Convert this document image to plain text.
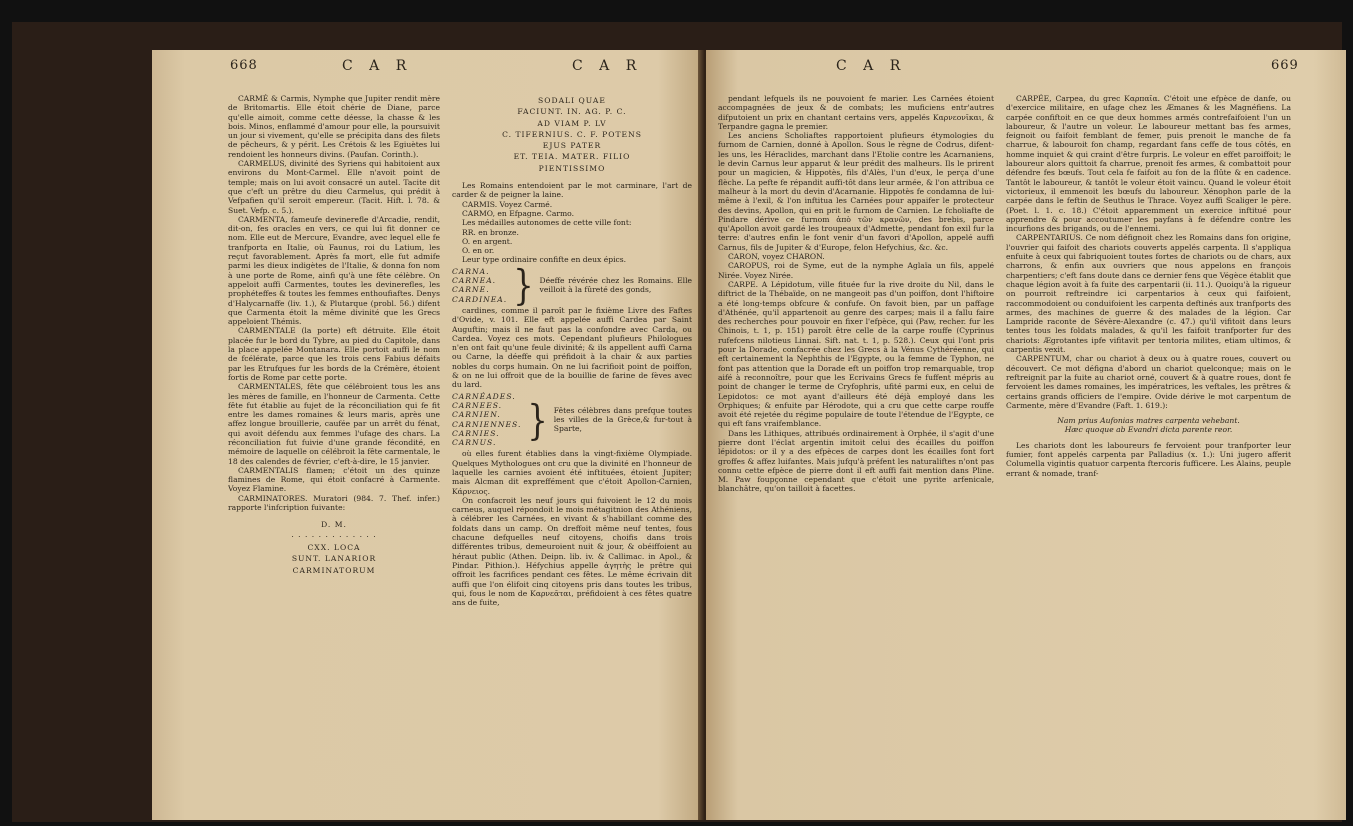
668	C A R	C A R

CARMÉ & Carmis, Nymphe que Jupiter rendit mère de Britomartis. Elle étoit chérie de Diane, parce qu'elle aimoit, comme cette déesse, la chasse & les bois. Minos, enflammé d'amour pour elle, la poursuivit un jour si vivement, qu'elle se précipita dans des filets de pêcheurs, & y périt. Les Crétois & les Egiuètes lui rendoient les honneurs divins. (Paufan. Corinth.).

CARMELUS, divinité des Syriens qui habitoient aux environs du Mont-Carmel. Elle n'avoit point de temple; mais on lui avoit consacré un autel. Tacite dit que c'eft un prêtre du dieu Carmelus, qui prédit à Vefpafien qu'il seroit empereur. (Tacit. Hift. l. 78. & Suet. Vefp. c. 5.).

CARMENTA, fameufe devinerefle d'Arcadie, rendit, dit-on, fes oracles en vers, ce qui lui fit donner ce nom. Elle eut de Mercure, Evandre, avec lequel elle fe tranfporta en Italie, où Faunus, roi du Latium, les reçut favorablement. Après fa mort, elle fut admife parmi les dieux indigètes de l'Italie, & donna fon nom à une porte de Rome, ainfi qu'à une fête célèbre. On appeloit auffi Carmentes, toutes les devinerefles, les prophéteffes & toutes les femmes enthoufiaftes. Denys d'Halycarnaffe (liv. 1.), & Plutarque (probl. 56.) difent que Carmenta étoit la même divinité que les Grecs appeloient Thémis.

CARMENTALE (la porte) eft détruite. Elle étoit placée fur le bord du Tybre, au pied du Capitole, dans la place appelée Montanara. Elle portoit auffi le nom de fcélérate, parce que les trois cens Fabius défaits par les Etrufques fur les bords de la Crémère, étoient fortis de Rome par cette porte.

CARMENTALES, fête que célébroient tous les ans les mères de famille, en l'honneur de Carmenta. Cette fête fut établie au fujet de la réconciliation qui fe fit entre les dames romaines & leurs maris, après une affez longue brouillerie, caufée par un arrêt du fénat, qui avoit défendu aux femmes l'ufage des chars. La réconciliation fut fuivie d'une grande fécondité, en mémoire de laquelle on célébroit la fête carmentale, le 18 des calendes de février, c'eft-à-dire, le 15 janvier.

CARMENTALIS flamen; c'étoit un des quinze flamines de Rome, qui étoit confacré à Carmente. Voyez Flamine.

CARMINATORES. Muratori (984. 7. Thef. infer.) rapporte l'infcription fuivante:

D. M.

· · · · · · · · · · · · ·

CXX. LOCA

SUNT. LANARIOR

CARMINATORUM

SODALI QUAE

FACIUNT. IN. AG. P. C.

AD VIAM P. LV

C. TIFERNIUS. C. F. POTENS

EJUS PATER

ET. TEIA. MATER. FILIO

PIENTISSIMO

Les Romains entendoient par le mot carminare, l'art de carder & de peigner la laine.

CARMIS. Voyez Carmé.

CARMO, en Efpagne. Carmo.

Les médailles autonomes de cette ville font:

RR. en bronze.

O. en argent.

O. en or.

Leur type ordinaire confifte en deux épics.

CARNA.
CARNEA.
CARNE.
CARDINEA. } Déeffe révérée chez les Romains. Elle veilloit à la fûreté des gonds,

cardines, comme il paroît par le fixième Livre des Faftes d'Ovide, v. 101. Elle eft appelée auffi Cardea par Saint Auguftin; mais il ne faut pas la confondre avec Carda, ou Cardea. Voyez ces mots. Cependant plufieurs Philologues n'en ont fait qu'une feule divinité; & ils appellent auffi Carna ou Carne, la déeffe qui préfidoit à la chair & aux parties nobles du corps humain. On ne lui facrifioit point de poiffon, & on ne lui offroit que de la bouillie de farine de fèves avec du lard.

CARNÉADES.
CARNEES.
CARNIEN.
CARNIENNES.
CARNIES.
CARNUS. } Fêtes célèbres dans prefque toutes les villes de la Grèce,& fur-tout à Sparte,

où elles furent établies dans la vingt-fixième Olympiade. Quelques Mythologues ont cru que la divinité en l'honneur de laquelle les carnies avoient été inftituées, étoient Jupiter; mais Alcman dit expreffément que c'étoit Apollon-Carnien, Κάρνειος.

On confacroit les neuf jours qui fuivoient le 12 du mois carneus, auquel répondoit le mois métagitnion des Athéniens, à célébrer les Carnées, en vivant & s'habillant comme des foldats dans un camp. On dreffoit même neuf tentes, fous chacune defquelles neuf citoyens, choifis dans trois différentes tribus, demeuroient nuit & jour, & obéiffoient au héraut public (Athen. Deipn. lib. iv. & Callimac. in Apol., & Pindar. Pithion.). Héfychius appelle ἀγητὴς le prêtre qui offroit les facrifices pendant ces fêtes. Le même écrivain dit auffi que l'on élifoit cinq citoyens pris dans toutes les tribus, qui, fous le nom de Καρνεᾶται, préfidoient à ces fêtes quatre ans de fuite,

C A R	669

pendant lefquels ils ne pouvoient fe marier. Les Carnées étoient accompagnées de jeux & de combats; les muficiens entr'autres difputoient un prix en chantant certains vers, appelés Καρνεονῖκαι, & Terpandre gagna le premier.

Les anciens Scholiaftes rapportoient plufieurs étymologies du furnom de Carnien, donné à Apollon. Sous le règne de Codrus, difent-les uns, les Héraclides, marchant dans l'Etolie contre les Acarnaniens, le devin Carnus leur apparut & leur prédit des malheurs. Ils le prirent pour un magicien, & Hippotès, fils d'Alès, l'un d'eux, le perça d'une flèche. La pefte fe répandit auffi-tôt dans leur armée, & l'on attribua ce malheur à la mort du devin d'Acarnanie. Hippotès fe condamna de lui-même à l'exil, & l'on inftitua les Carnées pour appaifer le protecteur des devins, Apollon, qui en prit le furnom de Carnien. Le fcholiafte de Pindare dérive ce furnom ἀπὸ τῶν κρανῶν, des brebis, parce qu'Apollon avoit gardé les troupeaux d'Admette, pendant fon exil fur la terre: d'autres enfin le font venir d'un favori d'Apollon, appelé auffi Carnus, fils de Jupiter & d'Europe, felon Hefychius, &c. &c.

CARON, voyez CHARON.

CAROPUS, roi de Syme, eut de la nymphe Aglaïa un fils, appelé Nirée. Voyez Nirée.

CARPE. A Lépidotum, ville fituée fur la rive droite du Nil, dans le diftrict de la Thébaïde, on ne mangeoit pas d'un poiffon, dont l'hiftoire a été long-temps obfcure & confufe. On favoit bien, par un paffage d'Athénée, qu'il appartenoit au genre des carpes; mais il a fallu faire des recherches pour pouvoir en fixer l'efpèce, qui (Paw, recher. fur les Chinois, t. 1, p. 151) paroît être celle de la carpe rouffe (Cyprinus rufefcens nilotieus Linnai. Sift. nat. t. 1, p. 528.). Ceux qui l'ont pris pour la Dorade, confacrée chez les Grecs à la Vénus Cythéréenne, qui eft certainement la Nephthis de l'Egypte, ou la femme de Typhon, ne font pas attention que la Dorade eft un poiffon trop remarquable, trop aifé à reconnoître, pour que les Ecrivains Grecs fe fuffent mépris au point de changer le terme de Cryfophris, ufité parmi eux, en celui de Lepidotos: ce mot ayant d'ailleurs été déjà employé dans les Orphiques; & enfuite par Hérodote, qui a cru que cette carpe rouffe avoit été rejetée du régime populaire de toute l'étendue de l'Egypte, ce qui eft fans vraifemblance.

Dans les Lithiques, attribués ordinairement à Orphée, il s'agit d'une pierre dont l'éclat argentin imitoit celui des écailles du poiffon lépidotos: or il y a des efpèces de carpes dont les écailles font fort groffes & affez luifantes. Mais jufqu'à préfent les naturaliftes n'ont pas connu cette efpèce de pierre dont il eft auffi fait mention dans Pline. M. Paw foupçonne cependant que c'étoit une pyrite arfenicale, blanchâtre, qu'on tailloit à facettes.

CARPÉE, Carpea, du grec Καρπαῖα. C'étoit une efpèce de danfe, ou d'exercice militaire, en ufage chez les Æmanes & les Magnéfiens. La carpée confiftoit en ce que deux hommes armés contrefaifoient l'un un laboureur, & l'autre un voleur. Le laboureur mettant bas fes armes, feignoit ou faifoit femblant de femer, puis prenoit le manche de fa charrue, & labouroit fon champ, regardant fans ceffe de tous côtés, en homme inquiet & qui craint d'être furpris. Le voleur en effet paroiffoit; le laboureur alors quittoit fa charrue, prenoit fes armes, & combattoit pour défendre fes bœufs. Tout cela fe faifoit au fon de la flûte & en cadence. Tantôt le laboureur, & tantôt le voleur étoit vaincu. Quand le voleur étoit victorieux, il emmenoit les bœufs du laboureur. Xénophon parle de la carpée dans le feftin de Seuthus le Thrace. Voyez auffi Scaliger le père. (Poet. l. 1. c. 18.) C'étoit apparemment un exercice inftitué pour apprendre & pour accoutumer les payfans à fe défendre contre les incurfions des brigands, ou de l'ennemi.

CARPENTARIUS. Ce nom défignoit chez les Romains dans fon origine, l'ouvrier qui faifoit des chariots couverts appelés carpenta. Il s'appliqua enfuite à ceux qui fabriquoient toutes fortes de chariots ou de chars, aux charrons, & enfin aux ouvriers que nous appelons en françois charpentiers; c'eft fans doute dans ce dernier fens que Végèce établit que chaque légion avoit à fa fuite des carpentarii (ii. 11.). Quoiqu'à la rigueur on pourroit reftreindre ici carpentarios à ceux qui faifoient, raccommodoient ou conduifoient les carpenta deftinés aux tranfports des armes, des machines de guerre & des malades de la légion. Car Lampride raconte de Sévère-Alexandre (c. 47.) qu'il vifitoit dans leurs tentes tous les foldats malades, & qu'il les faifoit tranfporter fur des chariots: Ægrotantes ipfe vifitavit per tentoria milites, etiam ultimos, & carpentis vexit.

CARPENTUM, char ou chariot à deux ou à quatre roues, couvert ou découvert. Ce mot défigna d'abord un chariot quelconque; mais on le reftreignit par la fuite au chariot orné, couvert & à quatre roues, dont fe fervoient les dames romaines, les impératrices, les veftales, les prêtres & certains grands officiers de l'empire. Ovide dérive le mot carpentum de Carmente, mère d'Evandre (Faft. 1. 619.):

Nam prius Aufonias matres carpenta vehebant.

Hæc quoque ab Evandri dicta parente reor.

Les chariots dont les laboureurs fe fervoient pour tranfporter leur fumier, font appelés carpenta par Palladius (x. 1.): Uni jugero afferit Columella vigintis quatuor carpenta ftercoris fufficere. Les Alains, peuple errant & nomade, tranf-
